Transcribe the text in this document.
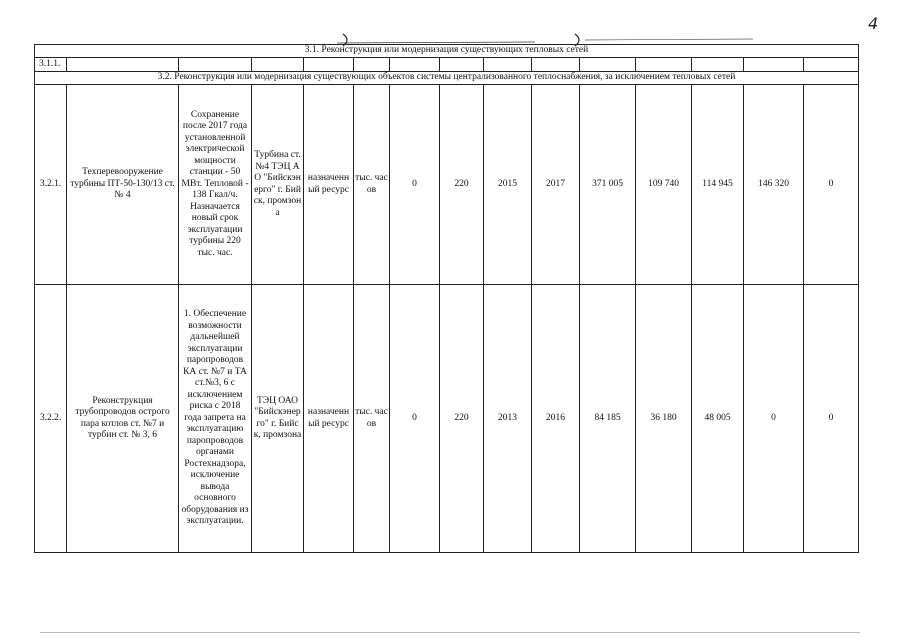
4
3.1. Реконструкция или модернизация существующих тепловых сетей														
3.1.1.														
3.2. Реконструкция или модернизация существующих объектов системы централизованного теплоснабжения, за исключением тепловых сетей														
3.2.1.	Техперевооружение турбины ПТ-50-130/13 ст. № 4	Сохранение после 2017 года установленной электрической мощности станции - 50 МВт. Тепловой - 138 Гкал/ч. Назначается новый срок эксплуатации турбины 220 тыс. час.	Турбина ст.№4 ТЭЦ АО "Бийскэнерго" г. Бийск, промзона	назначенный ресурс	тыс. часов	0	220	2015	2017	371 005	109 740	114 945	146 320	0
3.2.2.	Реконструкция трубопроводов острого пара котлов ст. №7 и турбин ст. № 3, 6	1. Обеспечение возможности дальнейшей эксплуатации паропроводов КА ст. №7 и ТА ст.№3, 6 с исключением риска с 2018 года запрета на эксплуатацию паропроводов органами Ростехнадзора, исключение вывода основного оборудования из эксплуатации.	ТЭЦ ОАО "Бийскэнерго" г. Бийск, промзона	назначенный ресурс	тыс. часов	0	220	2013	2016	84 185	36 180	48 005	0	0
